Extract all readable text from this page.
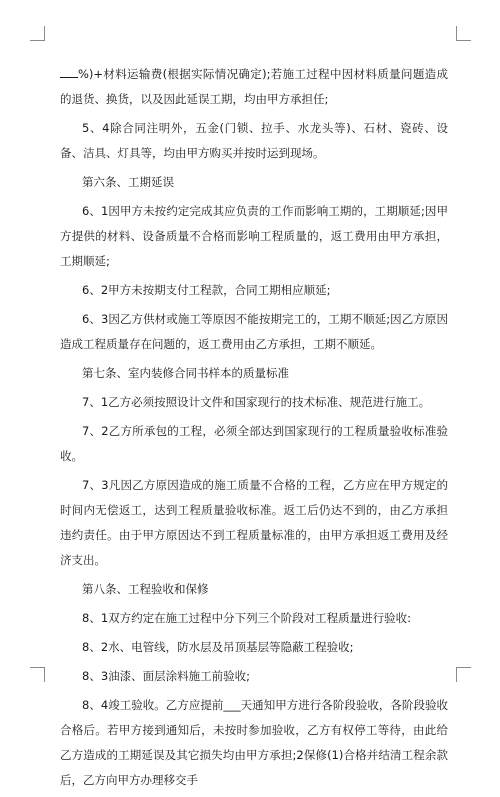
%)+材料运输费(根据实际情况确定);若施工过程中因材料质量问题造成的退货、换货，以及因此延误工期，均由甲方承担任;

5、4除合同注明外，五金(门锁、拉手、水龙头等)、石材、瓷砖、设备、洁具、灯具等，均由甲方购买并按时运到现场。

第六条、工期延误

6、1因甲方未按约定完成其应负责的工作而影响工期的，工期顺延;因甲方提供的材料、设备质量不合格而影响工程质量的，返工费用由甲方承担，工期顺延;

6、2甲方未按期支付工程款，合同工期相应顺延;

6、3因乙方供材或施工等原因不能按期完工的，工期不顺延;因乙方原因造成工程质量存在问题的，返工费用由乙方承担，工期不顺延。

第七条、室内装修合同书样本的质量标准

7、1乙方必须按照设计文件和国家现行的技术标准、规范进行施工。

7、2乙方所承包的工程，必须全部达到国家现行的工程质量验收标准验收。

7、3凡因乙方原因造成的施工质量不合格的工程，乙方应在甲方规定的时间内无偿返工，达到工程质量验收标准。返工后仍达不到的，由乙方承担违约责任。由于甲方原因达不到工程质量标准的，由甲方承担返工费用及经济支出。

第八条、工程验收和保修

8、1双方约定在施工过程中分下列三个阶段对工程质量进行验收:

8、2水、电管线，防水层及吊顶基层等隐蔽工程验收;

8、3油漆、面层涂料施工前验收;

8、4竣工验收。乙方应提前___天通知甲方进行各阶段验收，各阶段验收合格后。若甲方接到通知后，未按时参加验收，乙方有权停工等待，由此给乙方造成的工期延误及其它损失均由甲方承担;2保修(1)合格并结清工程余款后，乙方向甲方办理移交手
